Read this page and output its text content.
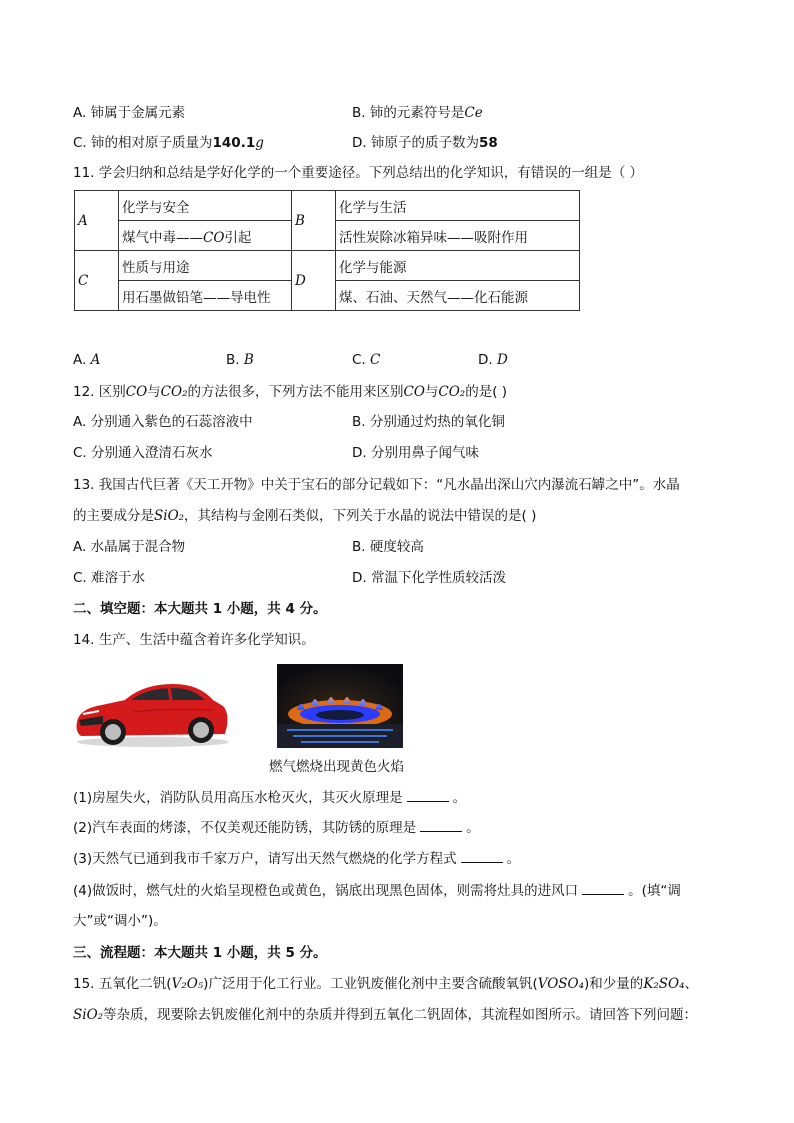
A. 铈属于金属元素	B. 铈的元素符号是Ce
C. 铈的相对原子质量为140.1g	D. 铈原子的质子数为58
11. 学会归纳和总结是学好化学的一个重要途径。下列总结出的化学知识，有错误的一组是（ ）
A	化学与安全	B	化学与生活
	煤气中毒——CO引起		活性炭除冰箱异味——吸附作用
C	性质与用途	D	化学与能源
	用石墨做铅笔——导电性		煤、石油、天然气——化石能源
A. A	B. B	C. C	D. D
12. 区别CO与CO₂的方法很多，下列方法不能用来区别CO与CO₂的是( )
A. 分别通入紫色的石蕊溶液中	B. 分别通过灼热的氧化铜
C. 分别通入澄清石灰水	D. 分别用鼻子闻气味
13. 我国古代巨著《天工开物》中关于宝石的部分记载如下：“凡水晶出深山穴内瀑流石罅之中”。水晶
的主要成分是SiO₂，其结构与金刚石类似，下列关于水晶的说法中错误的是( )
A. 水晶属于混合物	B. 硬度较高
C. 难溶于水	D. 常温下化学性质较活泼
二、填空题：本大题共 1 小题，共 4 分。
14. 生产、生活中蕴含着许多化学知识。
燃气燃烧出现黄色火焰
(1)房屋失火，消防队员用高压水枪灭火，其灭火原理是	。
(2)汽车表面的烤漆，不仅美观还能防锈，其防锈的原理是	。
(3)天然气已通到我市千家万户，请写出天然气燃烧的化学方程式	。
(4)做饭时，燃气灶的火焰呈现橙色或黄色，锅底出现黑色固体，则需将灶具的进风口	。(填“调
大”或“调小”)。
三、流程题：本大题共 1 小题，共 5 分。
15. 五氧化二钒(V₂O₅)广泛用于化工行业。工业钒废催化剂中主要含硫酸氧钒(VOSO₄)和少量的K₂SO₄、
SiO₂等杂质，现要除去钒废催化剂中的杂质并得到五氧化二钒固体，其流程如图所示。请回答下列问题：
